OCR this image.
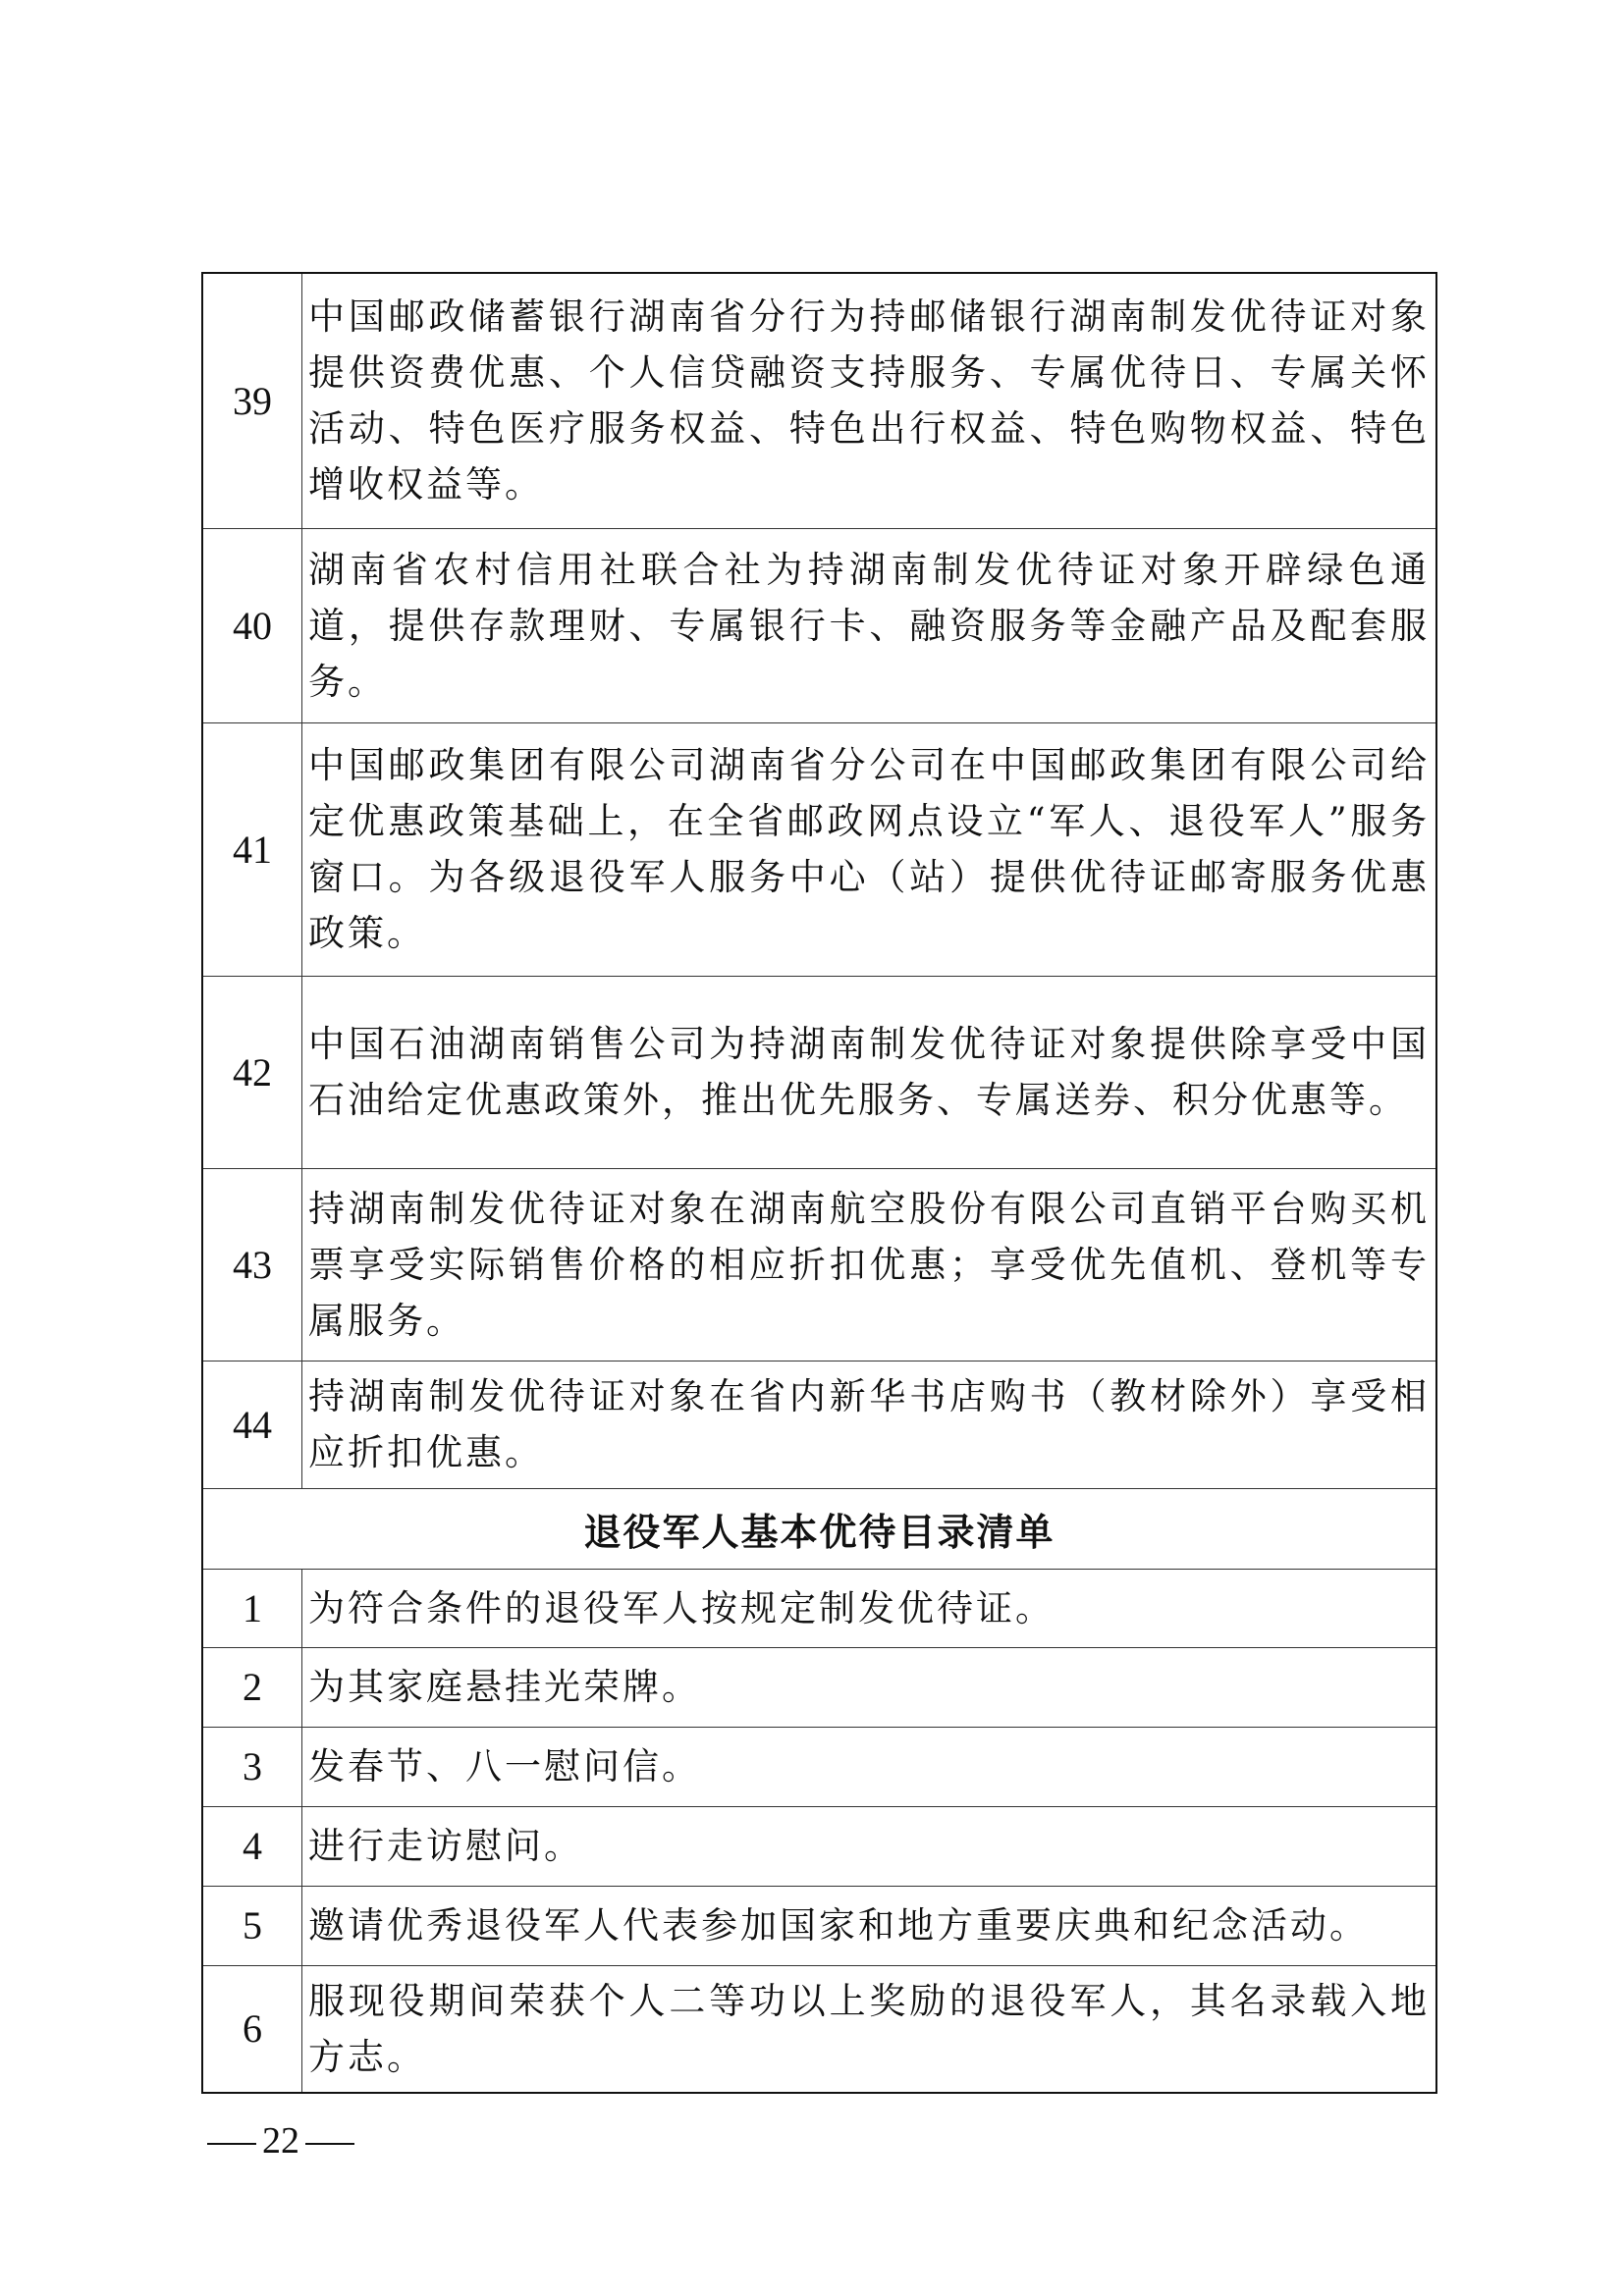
39	中国邮政储蓄银行湖南省分行为持邮储银行湖南制发优待证对象提供资费优惠、个人信贷融资支持服务、专属优待日、专属关怀活动、特色医疗服务权益、特色出行权益、特色购物权益、特色增收权益等。
40	湖南省农村信用社联合社为持湖南制发优待证对象开辟绿色通道，提供存款理财、专属银行卡、融资服务等金融产品及配套服务。
41	中国邮政集团有限公司湖南省分公司在中国邮政集团有限公司给定优惠政策基础上，在全省邮政网点设立“军人、退役军人”服务窗口。为各级退役军人服务中心（站）提供优待证邮寄服务优惠政策。
42	中国石油湖南销售公司为持湖南制发优待证对象提供除享受中国石油给定优惠政策外，推出优先服务、专属送券、积分优惠等。
43	持湖南制发优待证对象在湖南航空股份有限公司直销平台购买机票享受实际销售价格的相应折扣优惠；享受优先值机、登机等专属服务。
44	持湖南制发优待证对象在省内新华书店购书（教材除外）享受相应折扣优惠。
退役军人基本优待目录清单	
1	为符合条件的退役军人按规定制发优待证。
2	为其家庭悬挂光荣牌。
3	发春节、八一慰问信。
4	进行走访慰问。
5	邀请优秀退役军人代表参加国家和地方重要庆典和纪念活动。
6	服现役期间荣获个人二等功以上奖励的退役军人，其名录载入地方志。
22
